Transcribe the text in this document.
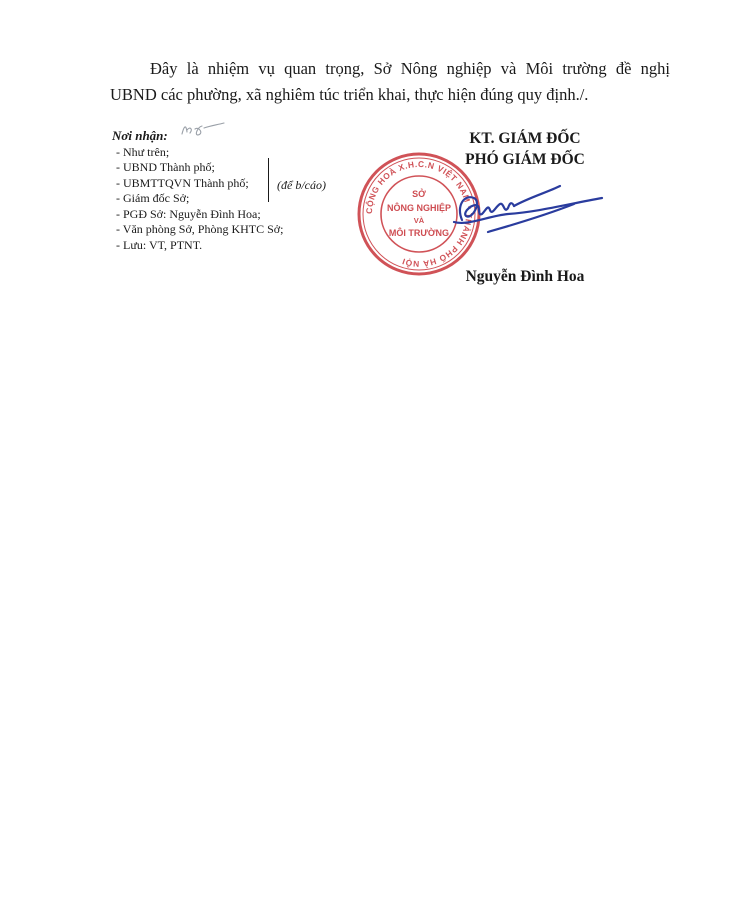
Đây là nhiệm vụ quan trọng, Sở Nông nghiệp và Môi trường đề nghị
UBND các phường, xã nghiêm túc triển khai, thực hiện đúng quy định./.
Nơi nhận:
- Như trên;
- UBND Thành phố;
- UBMTTQVN Thành phố;
- Giám đốc Sở;
- PGĐ Sở: Nguyễn Đình Hoa;
- Văn phòng Sở, Phòng KHTC Sở;
- Lưu: VT, PTNT.
(để b/cáo)
KT. GIÁM ĐỐC
PHÓ GIÁM ĐỐC
CỘNG HOÀ X.H.C.N VIỆT NAM * THÀNH PHỐ HÀ NỘI
SỞ
NÔNG NGHIỆP
VÀ
MÔI TRƯỜNG
Nguyễn Đình Hoa
